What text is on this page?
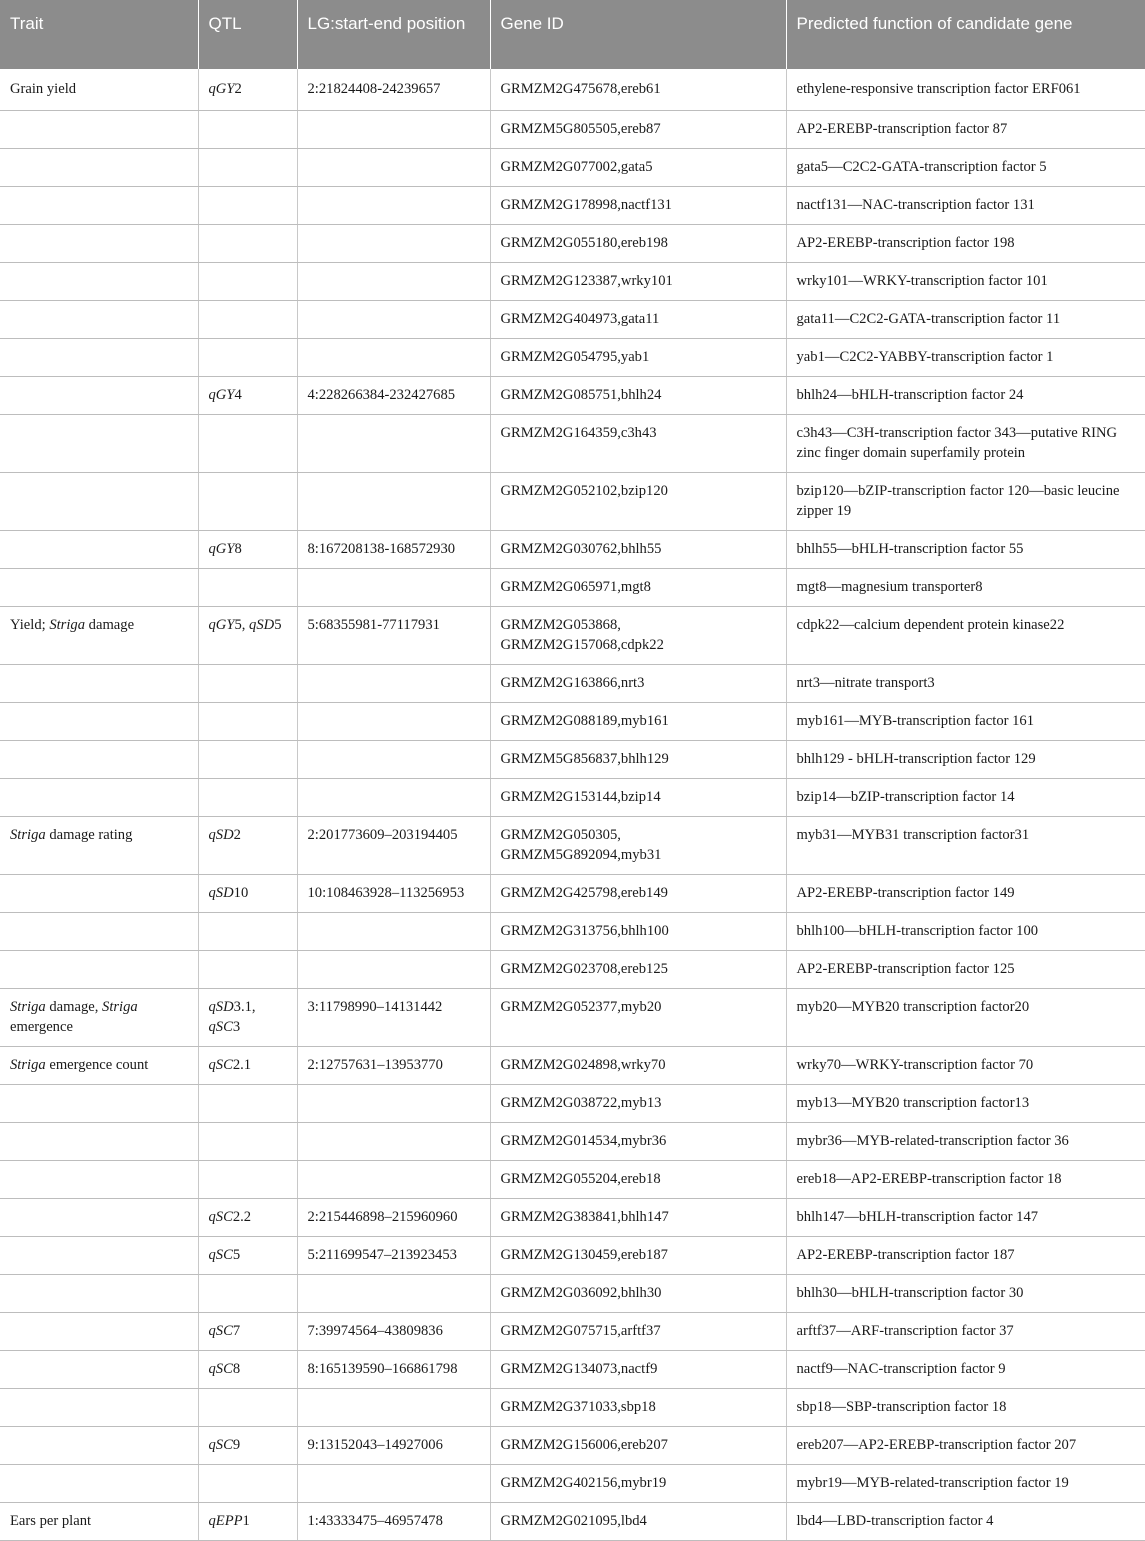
Trait	QTL	LG:start-end position	Gene ID	Predicted function of candidate gene
Grain yield	qGY2	2:21824408-24239657	GRMZM2G475678,ereb61	ethylene-responsive transcription factor ERF061
			GRMZM5G805505,ereb87	AP2-EREBP-transcription factor 87
			GRMZM2G077002,gata5	gata5—C2C2-GATA-transcription factor 5
			GRMZM2G178998,nactf131	nactf131—NAC-transcription factor 131
			GRMZM2G055180,ereb198	AP2-EREBP-transcription factor 198
			GRMZM2G123387,wrky101	wrky101—WRKY-transcription factor 101
			GRMZM2G404973,gata11	gata11—C2C2-GATA-transcription factor 11
			GRMZM2G054795,yab1	yab1—C2C2-YABBY-transcription factor 1
	qGY4	4:228266384-232427685	GRMZM2G085751,bhlh24	bhlh24—bHLH-transcription factor 24
			GRMZM2G164359,c3h43	c3h43—C3H-transcription factor 343—putative RING zinc finger domain superfamily protein
			GRMZM2G052102,bzip120	bzip120—bZIP-transcription factor 120—basic leucine zipper 19
	qGY8	8:167208138-168572930	GRMZM2G030762,bhlh55	bhlh55—bHLH-transcription factor 55
			GRMZM2G065971,mgt8	mgt8—magnesium transporter8
Yield; Striga damage	qGY5, qSD5	5:68355981-77117931	GRMZM2G053868, GRMZM2G157068,cdpk22	cdpk22—calcium dependent protein kinase22
			GRMZM2G163866,nrt3	nrt3—nitrate transport3
			GRMZM2G088189,myb161	myb161—MYB-transcription factor 161
			GRMZM5G856837,bhlh129	bhlh129 - bHLH-transcription factor 129
			GRMZM2G153144,bzip14	bzip14—bZIP-transcription factor 14
Striga damage rating	qSD2	2:201773609–203194405	GRMZM2G050305, GRMZM5G892094,myb31	myb31—MYB31 transcription factor31
	qSD10	10:108463928–113256953	GRMZM2G425798,ereb149	AP2-EREBP-transcription factor 149
			GRMZM2G313756,bhlh100	bhlh100—bHLH-transcription factor 100
			GRMZM2G023708,ereb125	AP2-EREBP-transcription factor 125
Striga damage, Striga emergence	qSD3.1, qSC3	3:11798990–14131442	GRMZM2G052377,myb20	myb20—MYB20 transcription factor20
Striga emergence count	qSC2.1	2:12757631–13953770	GRMZM2G024898,wrky70	wrky70—WRKY-transcription factor 70
			GRMZM2G038722,myb13	myb13—MYB20 transcription factor13
			GRMZM2G014534,mybr36	mybr36—MYB-related-transcription factor 36
			GRMZM2G055204,ereb18	ereb18—AP2-EREBP-transcription factor 18
	qSC2.2	2:215446898–215960960	GRMZM2G383841,bhlh147	bhlh147—bHLH-transcription factor 147
	qSC5	5:211699547–213923453	GRMZM2G130459,ereb187	AP2-EREBP-transcription factor 187
			GRMZM2G036092,bhlh30	bhlh30—bHLH-transcription factor 30
	qSC7	7:39974564–43809836	GRMZM2G075715,arftf37	arftf37—ARF-transcription factor 37
	qSC8	8:165139590–166861798	GRMZM2G134073,nactf9	nactf9—NAC-transcription factor 9
			GRMZM2G371033,sbp18	sbp18—SBP-transcription factor 18
	qSC9	9:13152043–14927006	GRMZM2G156006,ereb207	ereb207—AP2-EREBP-transcription factor 207
			GRMZM2G402156,mybr19	mybr19—MYB-related-transcription factor 19
Ears per plant	qEPP1	1:43333475–46957478	GRMZM2G021095,lbd4	lbd4—LBD-transcription factor 4
